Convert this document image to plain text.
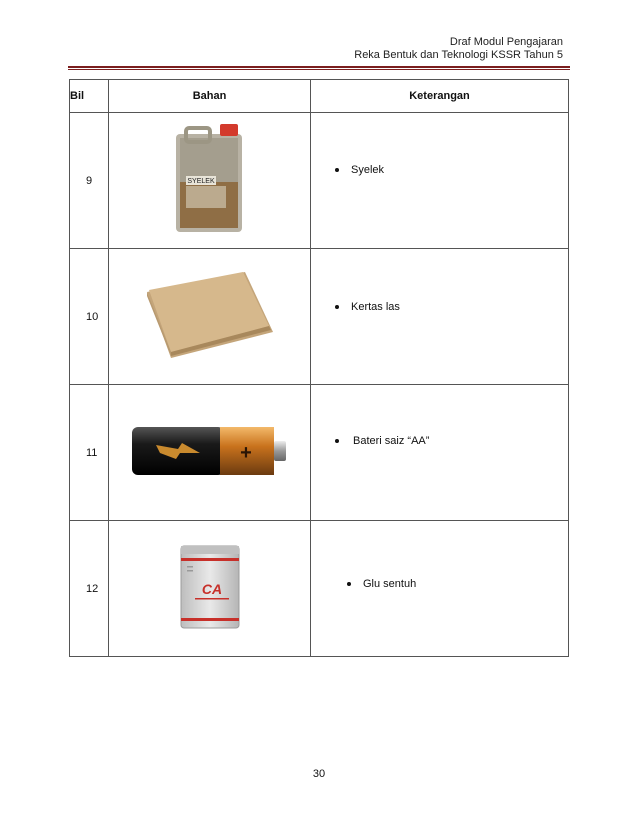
Draf Modul Pengajaran
Reka Bentuk dan Teknologi KSSR Tahun 5
Bil	Bahan	Keterangan
9	SYELEK	Syelek

10		Kertas las

11	+	Bateri saiz “AA”

12	CA	Glu sentuh
30
